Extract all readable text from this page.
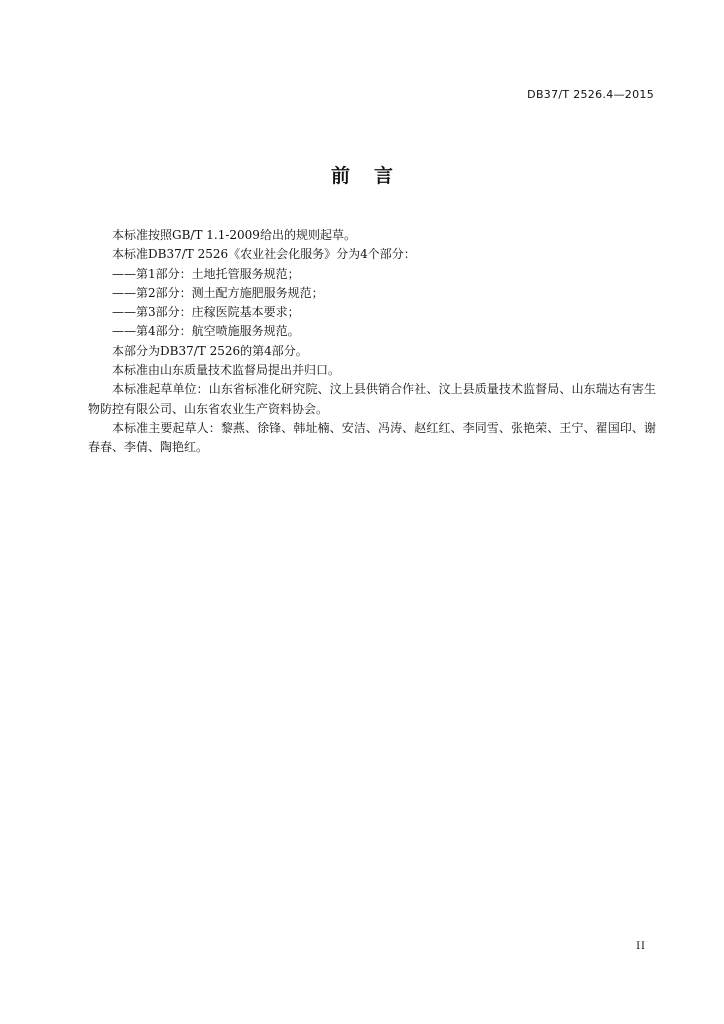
DB37/T 2526.4—2015
前言

本标准按照GB/T 1.1-2009给出的规则起草。

本标准DB37/T 2526《农业社会化服务》分为4个部分：

——第1部分：土地托管服务规范；

——第2部分：测土配方施肥服务规范；

——第3部分：庄稼医院基本要求；

——第4部分：航空喷施服务规范。

本部分为DB37/T 2526的第4部分。

本标准由山东质量技术监督局提出并归口。

本标准起草单位：山东省标准化研究院、汶上县供销合作社、汶上县质量技术监督局、山东瑞达有害生物防控有限公司、山东省农业生产资料协会。

本标准主要起草人：黎燕、徐锋、韩址楠、安洁、冯涛、赵红红、李同雪、张艳荣、王宁、翟国印、谢春春、李倩、陶艳红。

II
